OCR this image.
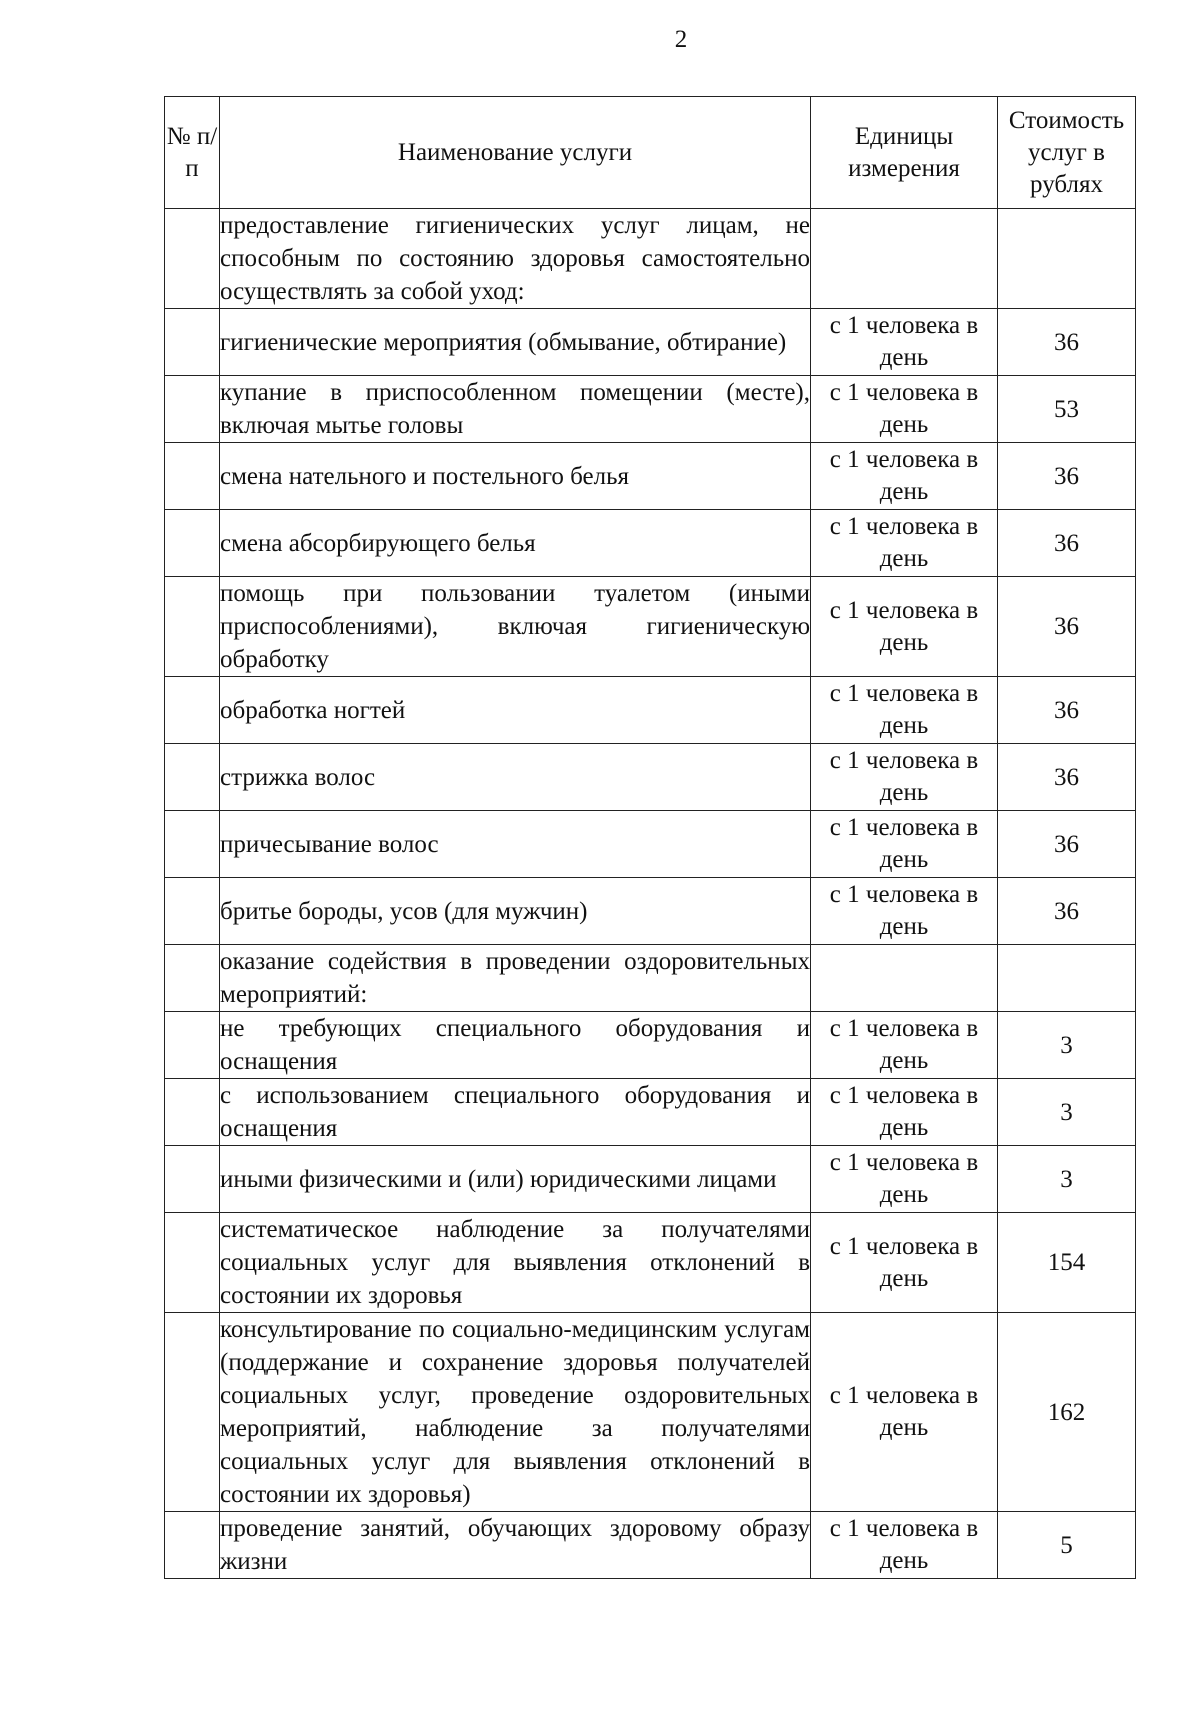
2
№ п/п	Наименование услуги	Единицы измерения	Стоимость услуг в рублях
	предоставление гигиенических услуг лицам, не способным по состоянию здоровья самостоятельно осуществлять за собой уход:		
	гигиенические мероприятия (обмывание, обтирание)	с 1 человека в день	36
	купание в приспособленном помещении (месте), включая мытье головы	с 1 человека в день	53
	смена нательного и постельного белья	с 1 человека в день	36
	смена абсорбирующего белья	с 1 человека в день	36
	помощь при пользовании туалетом (иными приспособлениями), включая гигиеническую обработку	с 1 человека в день	36
	обработка ногтей	с 1 человека в день	36
	стрижка волос	с 1 человека в день	36
	причесывание волос	с 1 человека в день	36
	бритье бороды, усов (для мужчин)	с 1 человека в день	36
	оказание содействия в проведении оздоровительных мероприятий:		
	не требующих специального оборудования и оснащения	с 1 человека в день	3
	с использованием специального оборудования и оснащения	с 1 человека в день	3
	иными физическими и (или) юридическими лицами	с 1 человека в день	3
	систематическое наблюдение за получателями социальных услуг для выявления отклонений в состоянии их здоровья	с 1 человека в день	154
	консультирование по социально-медицинским услугам (поддержание и сохранение здоровья получателей социальных услуг, проведение оздоровительных мероприятий, наблюдение за получателями социальных услуг для выявления отклонений в состоянии их здоровья)	с 1 человека в день	162
	проведение занятий, обучающих здоровому образу жизни	с 1 человека в день	5
